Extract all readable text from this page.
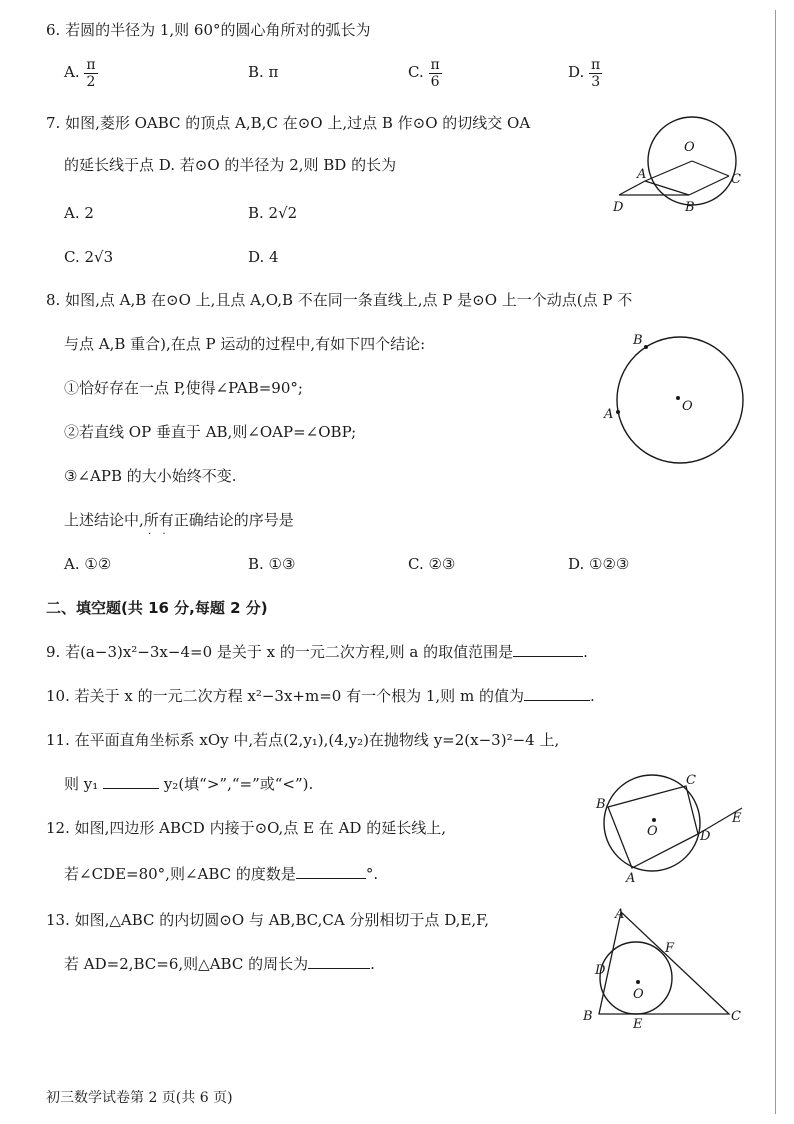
6. 若圆的半径为 1,则 60°的圆心角所对的弧长为
A. $\frac{\pi}{2}$	B. π	C. $\frac{\pi}{6}$	D. $\frac{\pi}{3}$
7. 如图,菱形 OABC 的顶点 A,B,C 在⊙O 上,过点 B 作⊙O 的切线交 OA
的延长线于点 D. 若⊙O 的半径为 2,则 BD 的长为
A. 2	B. 2√2
C. 2√3	D. 4
O
A
B
C
D
8. 如图,点 A,B 在⊙O 上,且点 A,O,B 不在同一条直线上,点 P 是⊙O 上一个动点(点 P 不
与点 A,B 重合),在点 P 运动的过程中,有如下四个结论:
①恰好存在一点 P,使得∠PAB=90°;
②若直线 OP 垂直于 AB,则∠OAP=∠OBP;
③∠APB 的大小始终不变.
上述结论中,所有 · ·正确结论的序号是
A. ①②	B. ①③	C. ②③	D. ①②③
B
A
O
二、填空题(共 16 分,每题 2 分)
9. 若(a−3)x²−3x−4=0 是关于 x 的一元二次方程,则 a 的取值范围是	.
10. 若关于 x 的一元二次方程 x²−3x+m=0 有一个根为 1,则 m 的值为	.
11. 在平面直角坐标系 xOy 中,若点(2,y₁),(4,y₂)在抛物线 y=2(x−3)²−4 上,
则 y₁	y₂(填“>”,“=”或“<”).
12. 如图,四边形 ABCD 内接于⊙O,点 E 在 AD 的延长线上,
若∠CDE=80°,则∠ABC 的度数是	°.
B
C
D
E
A
O
13. 如图,△ABC 的内切圆⊙O 与 AB,BC,CA 分别相切于点 D,E,F,
若 AD=2,BC=6,则△ABC 的周长为	.
A
B	C
D
E
F
O
初三数学试卷第 2 页(共 6 页)
